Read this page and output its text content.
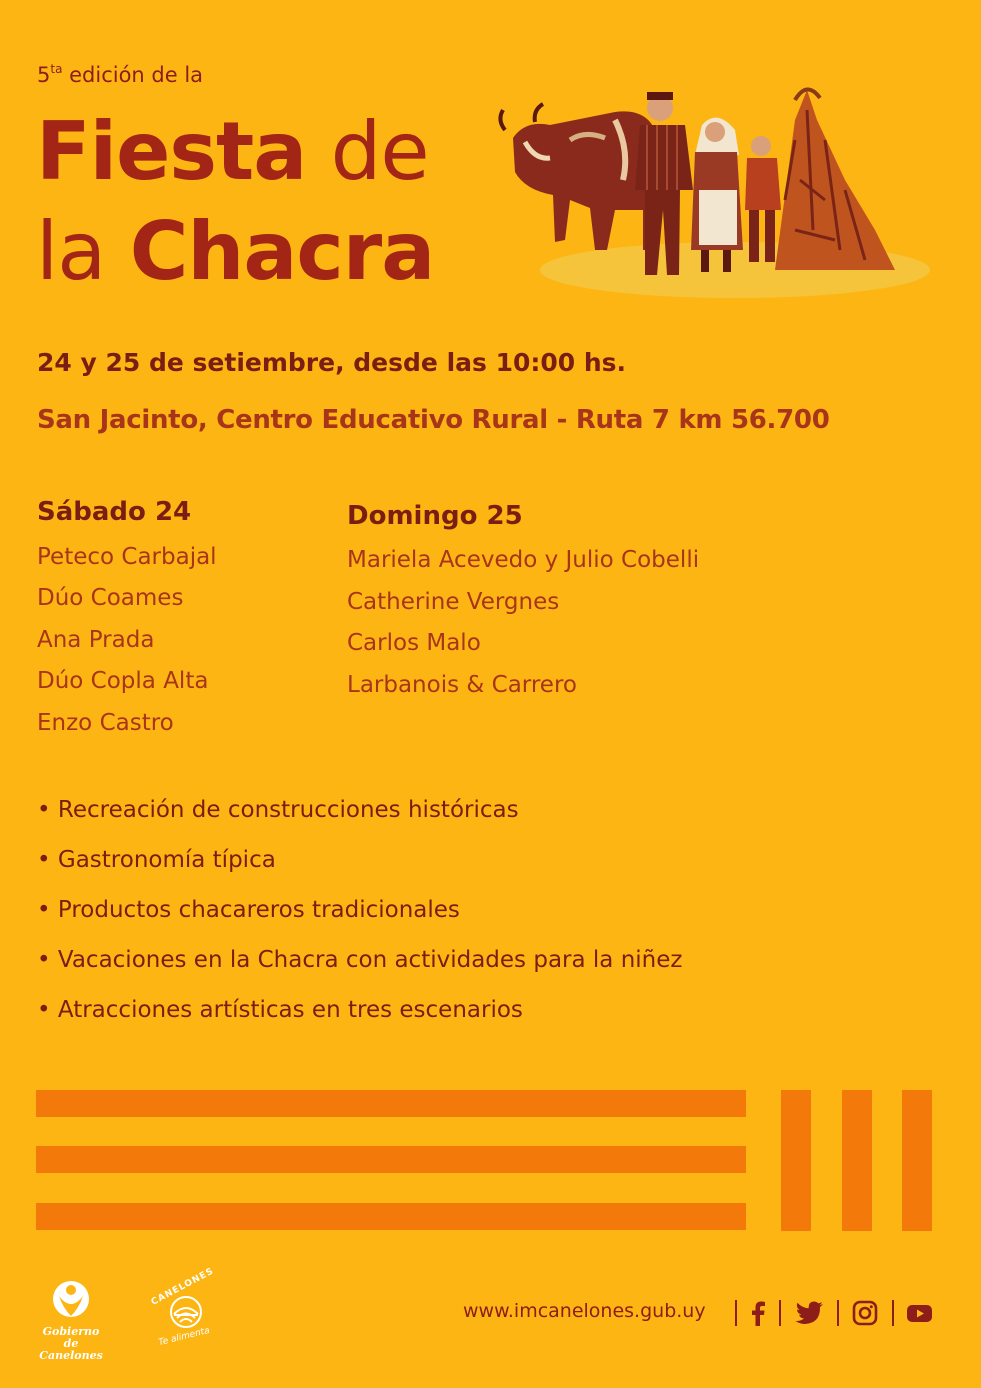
$5^{ta}$ edición de la
Fiesta de
la Chacra
24 y 25 de setiembre, desde las 10:00 hs.
San Jacinto, Centro Educativo Rural - Ruta 7 km 56.700
Sábado 24
Peteco Carbajal
Dúo Coames
Ana Prada
Dúo Copla Alta
Enzo Castro
Domingo 25
Mariela Acevedo y Julio Cobelli
Catherine Vergnes
Carlos Malo
Larbanois & Carrero
• Recreación de construcciones históricas
• Gastronomía típica
• Productos chacareros tradicionales
• Vacaciones en la Chacra con actividades para la niñez
• Atracciones artísticas en tres escenarios
Gobierno de
Canelones
CANELONES
Te alimenta
www.imcanelones.gub.uy
